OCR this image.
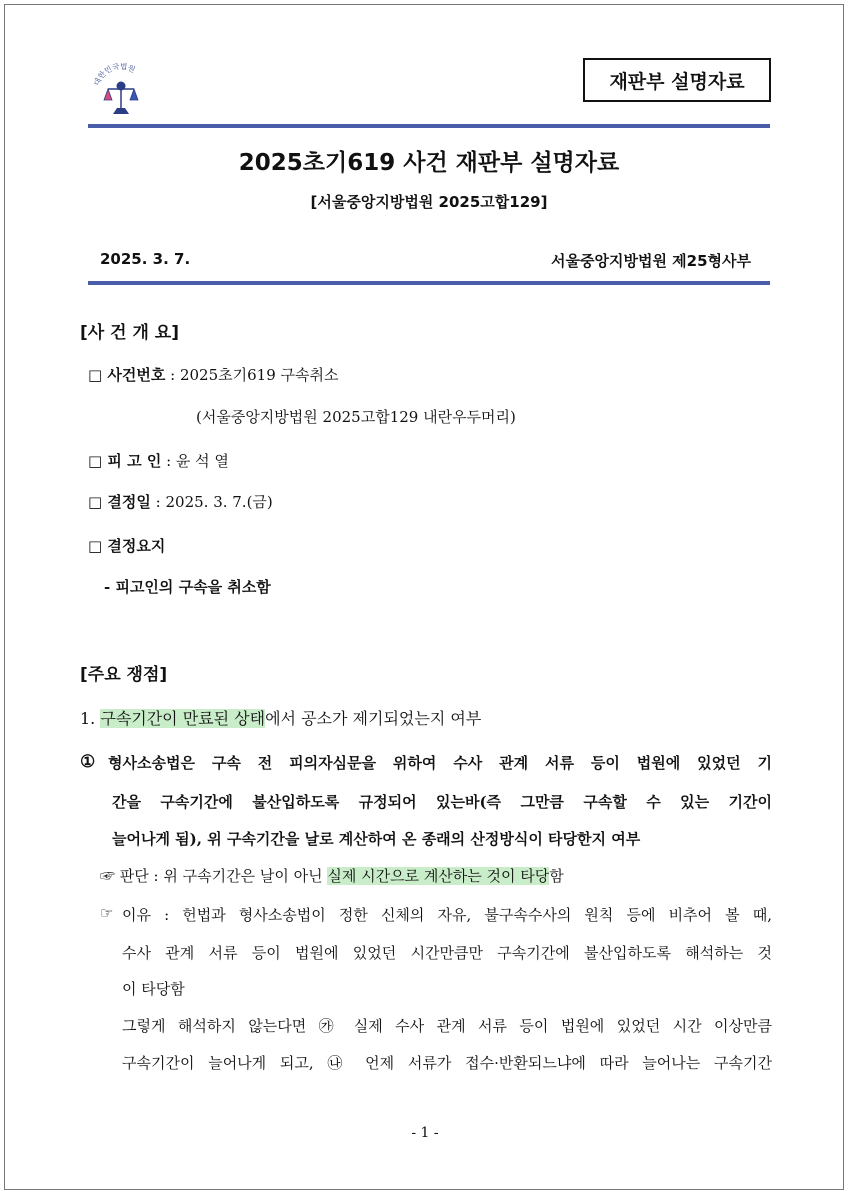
대한민국법원
재판부 설명자료
2025초기619 사건 재판부 설명자료
[서울중앙지방법원 2025고합129]
2025. 3. 7.	서울중앙지방법원 제25형사부
[사 건 개 요]
□ 사건번호 : 2025초기619 구속취소
(서울중앙지방법원 2025고합129 내란우두머리)
□ 피 고 인 : 윤 석 열
□ 결정일 : 2025. 3. 7.(금)
□ 결정요지
- 피고인의 구속을 취소함
[주요 쟁점]
1. 구속기간이 만료된 상태에서 공소가 제기되었는지 여부
① 형사소송법은 구속 전 피의자심문을 위하여 수사 관계 서류 등이 법원에 있었던 기
간을 구속기간에 불산입하도록 규정되어 있는바(즉 그만큼 구속할 수 있는 기간이
늘어나게 됨), 위 구속기간을 날로 계산하여 온 종래의 산정방식이 타당한지 여부
☞ 판단 : 위 구속기간은 날이 아닌 실제 시간으로 계산하는 것이 타당함
☞ 이유 : 헌법과 형사소송법이 정한 신체의 자유, 불구속수사의 원칙 등에 비추어 볼 때,
수사 관계 서류 등이 법원에 있었던 시간만큼만 구속기간에 불산입하도록 해석하는 것
이 타당함
그렇게 해석하지 않는다면 ㉮ 실제 수사 관계 서류 등이 법원에 있었던 시간 이상만큼
구속기간이 늘어나게 되고, ㉯ 언제 서류가 접수·반환되느냐에 따라 늘어나는 구속기간
- 1 -
